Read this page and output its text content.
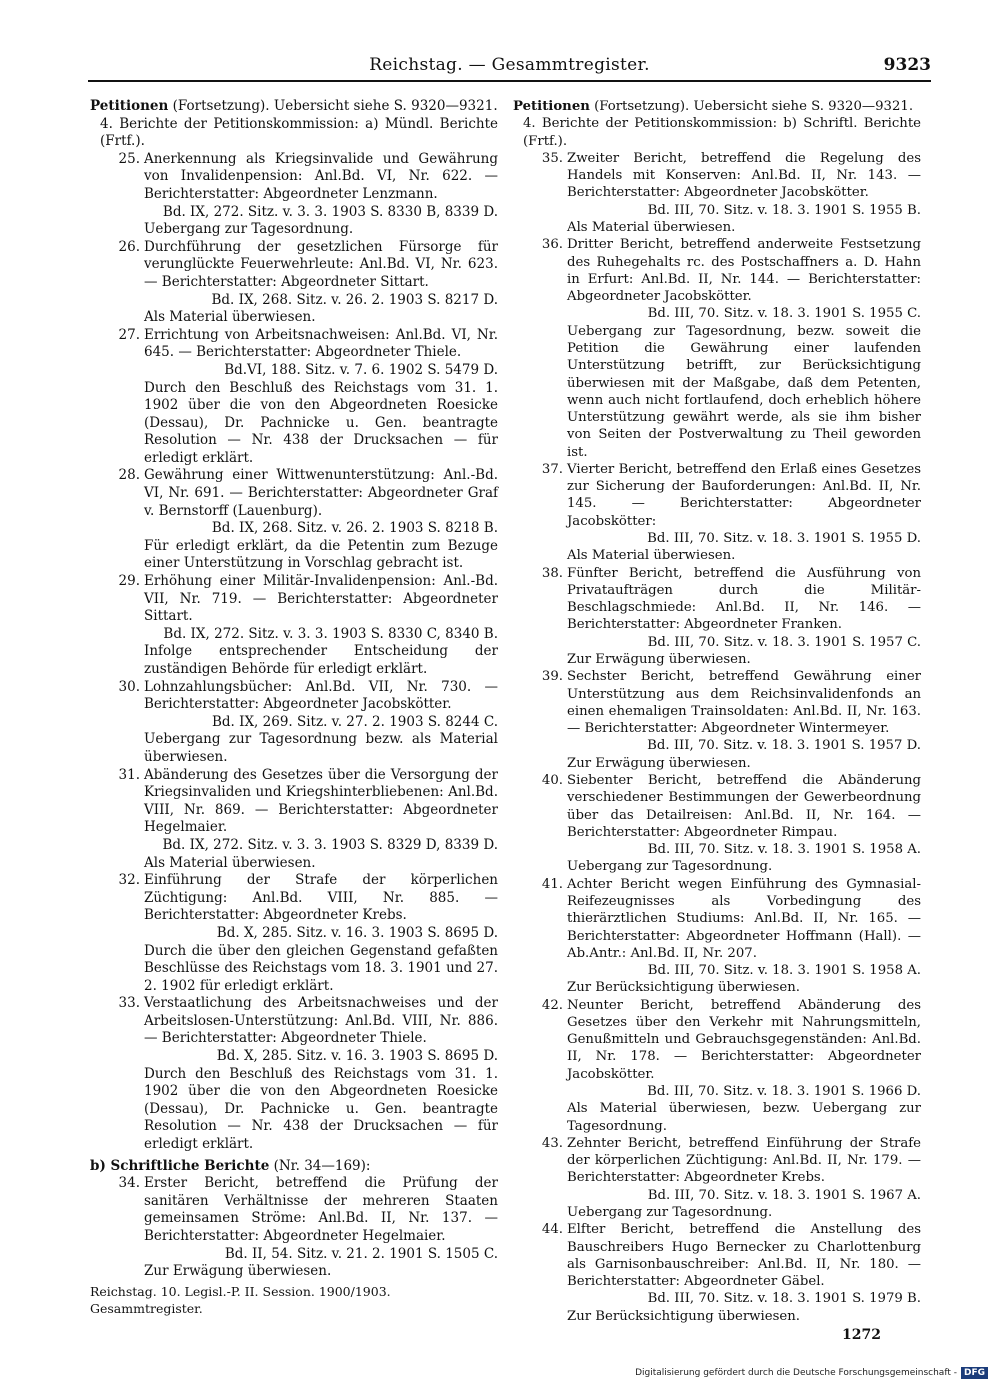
Reichstag. — Gesammtregister.	9323

Petitionen (Fortsetzung). Uebersicht siehe S. 9320—9321.

4. Berichte der Petitionskommission: a) Mündl. Berichte (Frtf.).

25. Anerkennung als Kriegsinvalide und Gewährung von Invalidenpension: Anl.Bd. VI, Nr. 622. — Berichterstatter: Abgeordneter Lenzmann.

Bd. IX, 272. Sitz. v. 3. 3. 1903 S. 8330 B, 8339 D.

Uebergang zur Tagesordnung.

26. Durchführung der gesetzlichen Fürsorge für verunglückte Feuerwehrleute: Anl.Bd. VI, Nr. 623. — Berichterstatter: Abgeordneter Sittart.

Bd. IX, 268. Sitz. v. 26. 2. 1903 S. 8217 D.

Als Material überwiesen.

27. Errichtung von Arbeitsnachweisen: Anl.Bd. VI, Nr. 645. — Berichterstatter: Abgeordneter Thiele.

Bd.VI, 188. Sitz. v. 7. 6. 1902 S. 5479 D.

Durch den Beschluß des Reichstags vom 31. 1. 1902 über die von den Abgeordneten Roesicke (Dessau), Dr. Pachnicke u. Gen. beantragte Resolution — Nr. 438 der Drucksachen — für erledigt erklärt.

28. Gewährung einer Wittwenunterstützung: Anl.-Bd. VI, Nr. 691. — Berichterstatter: Abgeordneter Graf v. Bernstorff (Lauenburg).

Bd. IX, 268. Sitz. v. 26. 2. 1903 S. 8218 B.

Für erledigt erklärt, da die Petentin zum Bezuge einer Unterstützung in Vorschlag gebracht ist.

29. Erhöhung einer Militär-Invalidenpension: Anl.-Bd. VII, Nr. 719. — Berichterstatter: Abgeordneter Sittart.

Bd. IX, 272. Sitz. v. 3. 3. 1903 S. 8330 C, 8340 B.

Infolge entsprechender Entscheidung der zuständigen Behörde für erledigt erklärt.

30. Lohnzahlungsbücher: Anl.Bd. VII, Nr. 730. — Berichterstatter: Abgeordneter Jacobskötter.

Bd. IX, 269. Sitz. v. 27. 2. 1903 S. 8244 C.

Uebergang zur Tagesordnung bezw. als Material überwiesen.

31. Abänderung des Gesetzes über die Versorgung der Kriegsinvaliden und Kriegshinterbliebenen: Anl.Bd. VIII, Nr. 869. — Berichterstatter: Abgeordneter Hegelmaier.

Bd. IX, 272. Sitz. v. 3. 3. 1903 S. 8329 D, 8339 D.

Als Material überwiesen.

32. Einführung der Strafe der körperlichen Züchtigung: Anl.Bd. VIII, Nr. 885. — Berichterstatter: Abgeordneter Krebs.

Bd. X, 285. Sitz. v. 16. 3. 1903 S. 8695 D.

Durch die über den gleichen Gegenstand gefaßten Beschlüsse des Reichstags vom 18. 3. 1901 und 27. 2. 1902 für erledigt erklärt.

33. Verstaatlichung des Arbeitsnachweises und der Arbeitslosen-Unterstützung: Anl.Bd. VIII, Nr. 886. — Berichterstatter: Abgeordneter Thiele.

Bd. X, 285. Sitz. v. 16. 3. 1903 S. 8695 D.

Durch den Beschluß des Reichstags vom 31. 1. 1902 über die von den Abgeordneten Roesicke (Dessau), Dr. Pachnicke u. Gen. beantragte Resolution — Nr. 438 der Drucksachen — für erledigt erklärt.

b) Schriftliche Berichte (Nr. 34—169):

34. Erster Bericht, betreffend die Prüfung der sanitären Verhältnisse der mehreren Staaten gemeinsamen Ströme: Anl.Bd. II, Nr. 137. — Berichterstatter: Abgeordneter Hegelmaier.

Bd. II, 54. Sitz. v. 21. 2. 1901 S. 1505 C.

Zur Erwägung überwiesen.

Reichstag. 10. Legisl.-P. II. Session. 1900/1903. Gesammtregister.

Petitionen (Fortsetzung). Uebersicht siehe S. 9320—9321.

4. Berichte der Petitionskommission: b) Schriftl. Berichte (Frtf.).

35. Zweiter Bericht, betreffend die Regelung des Handels mit Konserven: Anl.Bd. II, Nr. 143. — Berichterstatter: Abgeordneter Jacobskötter.

Bd. III, 70. Sitz. v. 18. 3. 1901 S. 1955 B.

Als Material überwiesen.

36. Dritter Bericht, betreffend anderweite Festsetzung des Ruhegehalts rc. des Postschaffners a. D. Hahn in Erfurt: Anl.Bd. II, Nr. 144. — Berichterstatter: Abgeordneter Jacobskötter.

Bd. III, 70. Sitz. v. 18. 3. 1901 S. 1955 C.

Uebergang zur Tagesordnung, bezw. soweit die Petition die Gewährung einer laufenden Unterstützung betrifft, zur Berücksichtigung überwiesen mit der Maßgabe, daß dem Petenten, wenn auch nicht fortlaufend, doch erheblich höhere Unterstützung gewährt werde, als sie ihm bisher von Seiten der Postverwaltung zu Theil geworden ist.

37. Vierter Bericht, betreffend den Erlaß eines Gesetzes zur Sicherung der Bauforderungen: Anl.Bd. II, Nr. 145. — Berichterstatter: Abgeordneter Jacobskötter:

Bd. III, 70. Sitz. v. 18. 3. 1901 S. 1955 D.

Als Material überwiesen.

38. Fünfter Bericht, betreffend die Ausführung von Privataufträgen durch die Militär-Beschlagschmiede: Anl.Bd. II, Nr. 146. — Berichterstatter: Abgeordneter Franken.

Bd. III, 70. Sitz. v. 18. 3. 1901 S. 1957 C.

Zur Erwägung überwiesen.

39. Sechster Bericht, betreffend Gewährung einer Unterstützung aus dem Reichsinvalidenfonds an einen ehemaligen Trainsoldaten: Anl.Bd. II, Nr. 163. — Berichterstatter: Abgeordneter Wintermeyer.

Bd. III, 70. Sitz. v. 18. 3. 1901 S. 1957 D.

Zur Erwägung überwiesen.

40. Siebenter Bericht, betreffend die Abänderung verschiedener Bestimmungen der Gewerbeordnung über das Detailreisen: Anl.Bd. II, Nr. 164. — Berichterstatter: Abgeordneter Rimpau.

Bd. III, 70. Sitz. v. 18. 3. 1901 S. 1958 A.

Uebergang zur Tagesordnung.

41. Achter Bericht wegen Einführung des Gymnasial-Reifezeugnisses als Vorbedingung des thierärztlichen Studiums: Anl.Bd. II, Nr. 165. — Berichterstatter: Abgeordneter Hoffmann (Hall). — Ab.Antr.: Anl.Bd. II, Nr. 207.

Bd. III, 70. Sitz. v. 18. 3. 1901 S. 1958 A.

Zur Berücksichtigung überwiesen.

42. Neunter Bericht, betreffend Abänderung des Gesetzes über den Verkehr mit Nahrungsmitteln, Genußmitteln und Gebrauchsgegenständen: Anl.Bd. II, Nr. 178. — Berichterstatter: Abgeordneter Jacobskötter.

Bd. III, 70. Sitz. v. 18. 3. 1901 S. 1966 D.

Als Material überwiesen, bezw. Uebergang zur Tagesordnung.

43. Zehnter Bericht, betreffend Einführung der Strafe der körperlichen Züchtigung: Anl.Bd. II, Nr. 179. — Berichterstatter: Abgeordneter Krebs.

Bd. III, 70. Sitz. v. 18. 3. 1901 S. 1967 A.

Uebergang zur Tagesordnung.

44. Elfter Bericht, betreffend die Anstellung des Bauschreibers Hugo Bernecker zu Charlottenburg als Garnisonbauschreiber: Anl.Bd. II, Nr. 180. — Berichterstatter: Abgeordneter Gäbel.

Bd. III, 70. Sitz. v. 18. 3. 1901 S. 1979 B.

Zur Berücksichtigung überwiesen.

1272

Digitalisierung gefördert durch die Deutsche Forschungsgemeinschaft - DFG
